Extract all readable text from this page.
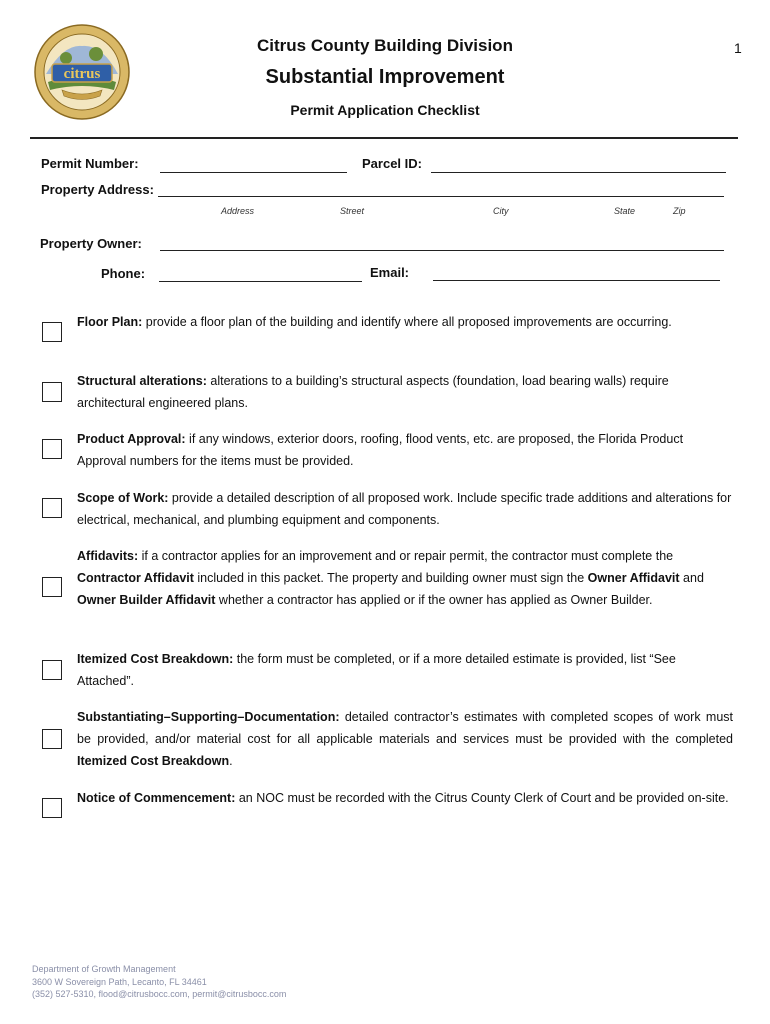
citrus
Citrus County Building Division
Substantial Improvement
Permit Application Checklist
1
Permit Number:	Parcel ID:
Property Address:
Address	Street	City	State	Zip
Property Owner:
Phone:	Email:
Floor Plan: provide a floor plan of the building and identify where all proposed improvements are occurring.
Structural alterations: alterations to a building’s structural aspects (foundation, load bearing walls) require architectural engineered plans.
Product Approval: if any windows, exterior doors, roofing, flood vents, etc. are proposed, the Florida Product Approval numbers for the items must be provided.
Scope of Work: provide a detailed description of all proposed work. Include specific trade additions and alterations for electrical, mechanical, and plumbing equipment and components.
Affidavits: if a contractor applies for an improvement and or repair permit, the contractor must complete the Contractor Affidavit included in this packet. The property and building owner must sign the Owner Affidavit and Owner Builder Affidavit whether a contractor has applied or if the owner has applied as Owner Builder.
Itemized Cost Breakdown: the form must be completed, or if a more detailed estimate is provided, list “See Attached”.
Substantiating–Supporting–Documentation: detailed contractor’s estimates with completed scopes of work must be provided, and/or material cost for all applicable materials and services must be provided with the completed Itemized Cost Breakdown.
Notice of Commencement: an NOC must be recorded with the Citrus County Clerk of Court and be provided on-site.
Department of Growth Management
3600 W Sovereign Path, Lecanto, FL 34461
(352) 527-5310, flood@citrusbocc.com, permit@citrusbocc.com
